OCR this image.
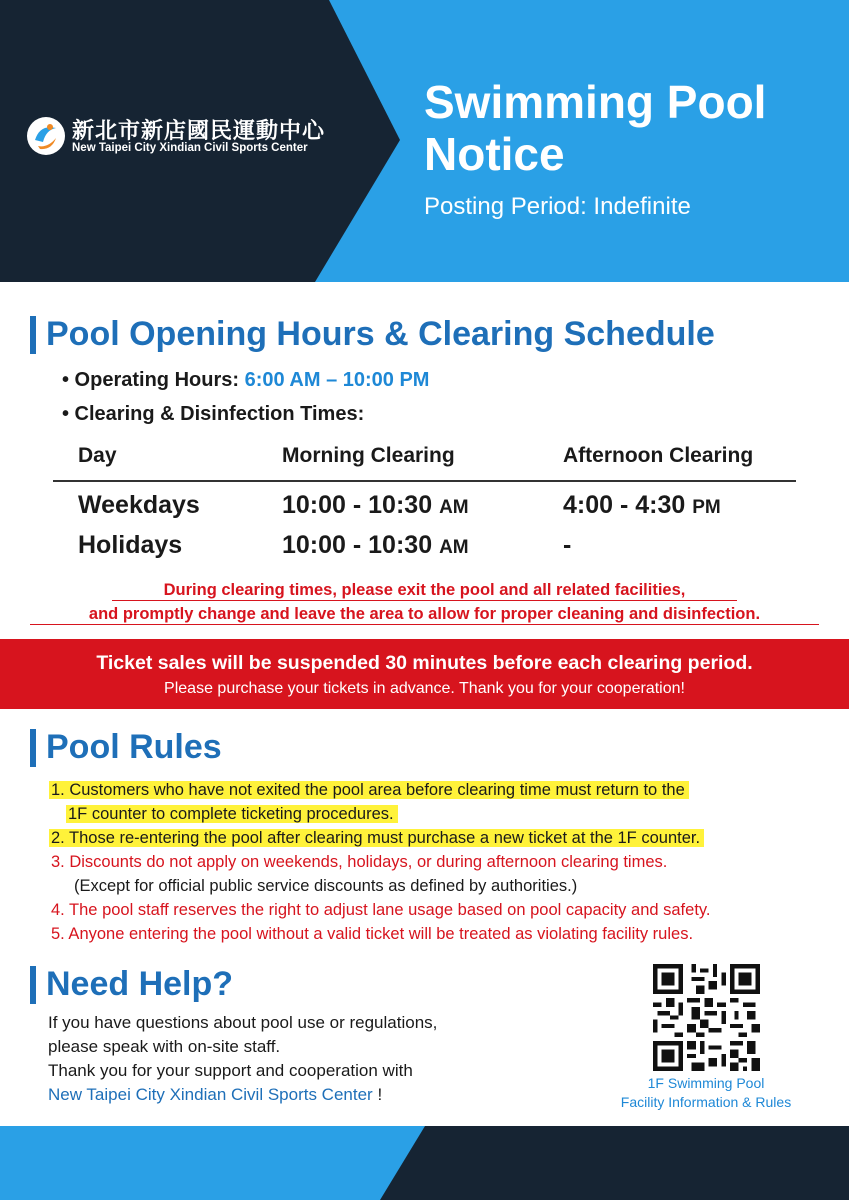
新北市新店國民運動中心
New Taipei City Xindian Civil Sports Center
Swimming Pool
Notice
Posting Period: Indefinite
Pool Opening Hours & Clearing Schedule
• Operating Hours: 6:00 AM – 10:00 PM
• Clearing & Disinfection Times:
Day	Morning Clearing	Afternoon Clearing
Weekdays	10:00 - 10:30 AM	4:00 - 4:30 PM
Holidays	10:00 - 10:30 AM	-
During clearing times, please exit the pool and all related facilities,
and promptly change and leave the area to allow for proper cleaning and disinfection.
Ticket sales will be suspended 30 minutes before each clearing period.
Please purchase your tickets in advance. Thank you for your cooperation!
Pool Rules
1. Customers who have not exited the pool area before clearing time must return to the
1F counter to complete ticketing procedures.
2. Those re-entering the pool after clearing must purchase a new ticket at the 1F counter.
3. Discounts do not apply on weekends, holidays, or during afternoon clearing times.
(Except for official public service discounts as defined by authorities.)
4. The pool staff reserves the right to adjust lane usage based on pool capacity and safety.
5. Anyone entering the pool without a valid ticket will be treated as violating facility rules.
Need Help?
If you have questions about pool use or regulations,
please speak with on-site staff.
Thank you for your support and cooperation with
New Taipei City Xindian Civil Sports Center !
1F Swimming Pool
Facility Information & Rules
